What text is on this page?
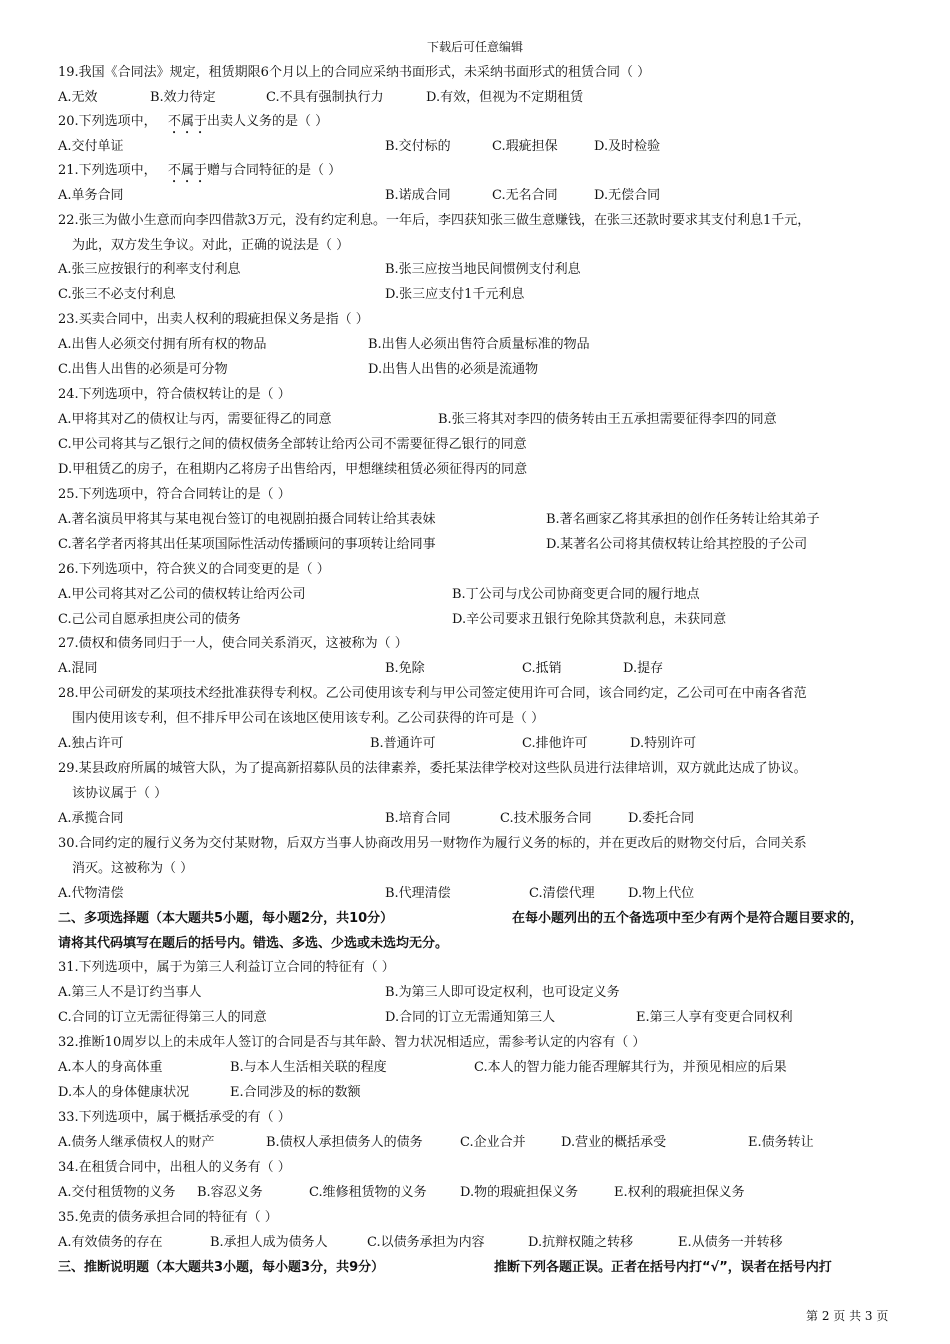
下载后可任意编辑
19.我国《合同法》规定，租赁期限6个月以上的合同应采纳书面形式，未采纳书面形式的租赁合同（ ）
A.无效	B.效力待定	C.不具有强制执行力	D.有效，但视为不定期租赁
20.下列选项中， 不属于 出卖人义务的是（ ）
A.交付单证	B.交付标的	C.瑕疵担保	D.及时检验
21.下列选项中， 不属于 赠与合同特征的是（ ）
A.单务合同	B.诺成合同	C.无名合同	D.无偿合同
22.张三为做小生意而向李四借款3万元，没有约定利息。一年后，李四获知张三做生意赚钱，在张三还款时要求其支付利息1千元，
为此，双方发生争议。对此，正确的说法是（ ）
A.张三应按银行的利率支付利息	B.张三应按当地民间惯例支付利息
C.张三不必支付利息	D.张三应支付1千元利息
23.买卖合同中，出卖人权利的瑕疵担保义务是指（ ）
A.出售人必须交付拥有所有权的物品	B.出售人必须出售符合质量标准的物品
C.出售人出售的必须是可分物	D.出售人出售的必须是流通物
24.下列选项中，符合债权转让的是（ ）
A.甲将其对乙的债权让与丙，需要征得乙的同意	B.张三将其对李四的债务转由王五承担需要征得李四的同意
C.甲公司将其与乙银行之间的债权债务全部转让给丙公司不需要征得乙银行的同意
D.甲租赁乙的房子，在租期内乙将房子出售给丙，甲想继续租赁必须征得丙的同意
25.下列选项中，符合合同转让的是（ ）
A.著名演员甲将其与某电视台签订的电视剧拍摄合同转让给其表妹	B.著名画家乙将其承担的创作任务转让给其弟子
C.著名学者丙将其出任某项国际性活动传播顾问的事项转让给同事	D.某著名公司将其债权转让给其控股的子公司
26.下列选项中，符合狭义的合同变更的是（ ）
A.甲公司将其对乙公司的债权转让给丙公司	B.丁公司与戊公司协商变更合同的履行地点
C.己公司自愿承担庚公司的债务	D.辛公司要求丑银行免除其贷款利息，未获同意
27.债权和债务同归于一人，使合同关系消灭，这被称为（ ）
A.混同	B.免除	C.抵销	D.提存
28.甲公司研发的某项技术经批准获得专利权。乙公司使用该专利与甲公司签定使用许可合同，该合同约定，乙公司可在中南各省范
围内使用该专利，但不排斥甲公司在该地区使用该专利。乙公司获得的许可是（ ）
A.独占许可	B.普通许可	C.排他许可	D.特别许可
29.某县政府所属的城管大队，为了提高新招募队员的法律素养，委托某法律学校对这些队员进行法律培训，双方就此达成了协议。
该协议属于（ ）
A.承揽合同	B.培育合同	C.技术服务合同	D.委托合同
30.合同约定的履行义务为交付某财物，后双方当事人协商改用另一财物作为履行义务的标的，并在更改后的财物交付后，合同关系
消灭。这被称为（ ）
A.代物清偿	B.代理清偿	C.清偿代理	D.物上代位
二、多项选择题（本大题共5小题，每小题2分，共10分）	在每小题列出的五个备选项中至少有两个是符合题目要求的，
请将其代码填写在题后的括号内。错选、多选、少选或未选均无分。
31.下列选项中，属于为第三人利益订立合同的特征有（ ）
A.第三人不是订约当事人	B.为第三人即可设定权利，也可设定义务
C.合同的订立无需征得第三人的同意	D.合同的订立无需通知第三人	E.第三人享有变更合同权利
32.推断10周岁以上的未成年人签订的合同是否与其年龄、智力状况相适应，需参考认定的内容有（ ）
A.本人的身高体重	B.与本人生活相关联的程度	C.本人的智力能力能否理解其行为，并预见相应的后果
D.本人的身体健康状况	E.合同涉及的标的数额
33.下列选项中，属于概括承受的有（ ）
A.债务人继承债权人的财产	B.债权人承担债务人的债务	C.企业合并	D.营业的概括承受	E.债务转让
34.在租赁合同中，出租人的义务有（ ）
A.交付租赁物的义务 B.容忍义务	C.维修租赁物的义务	D.物的瑕疵担保义务	E.权利的瑕疵担保义务
35.免责的债务承担合同的特征有（ ）
A.有效债务的存在	B.承担人成为债务人	C.以债务承担为内容	D.抗辩权随之转移	E.从债务一并转移
三、推断说明题（本大题共3小题，每小题3分，共9分）	推断下列各题正误。正者在括号内打“√”，误者在括号内打
第 2 页 共 3 页
